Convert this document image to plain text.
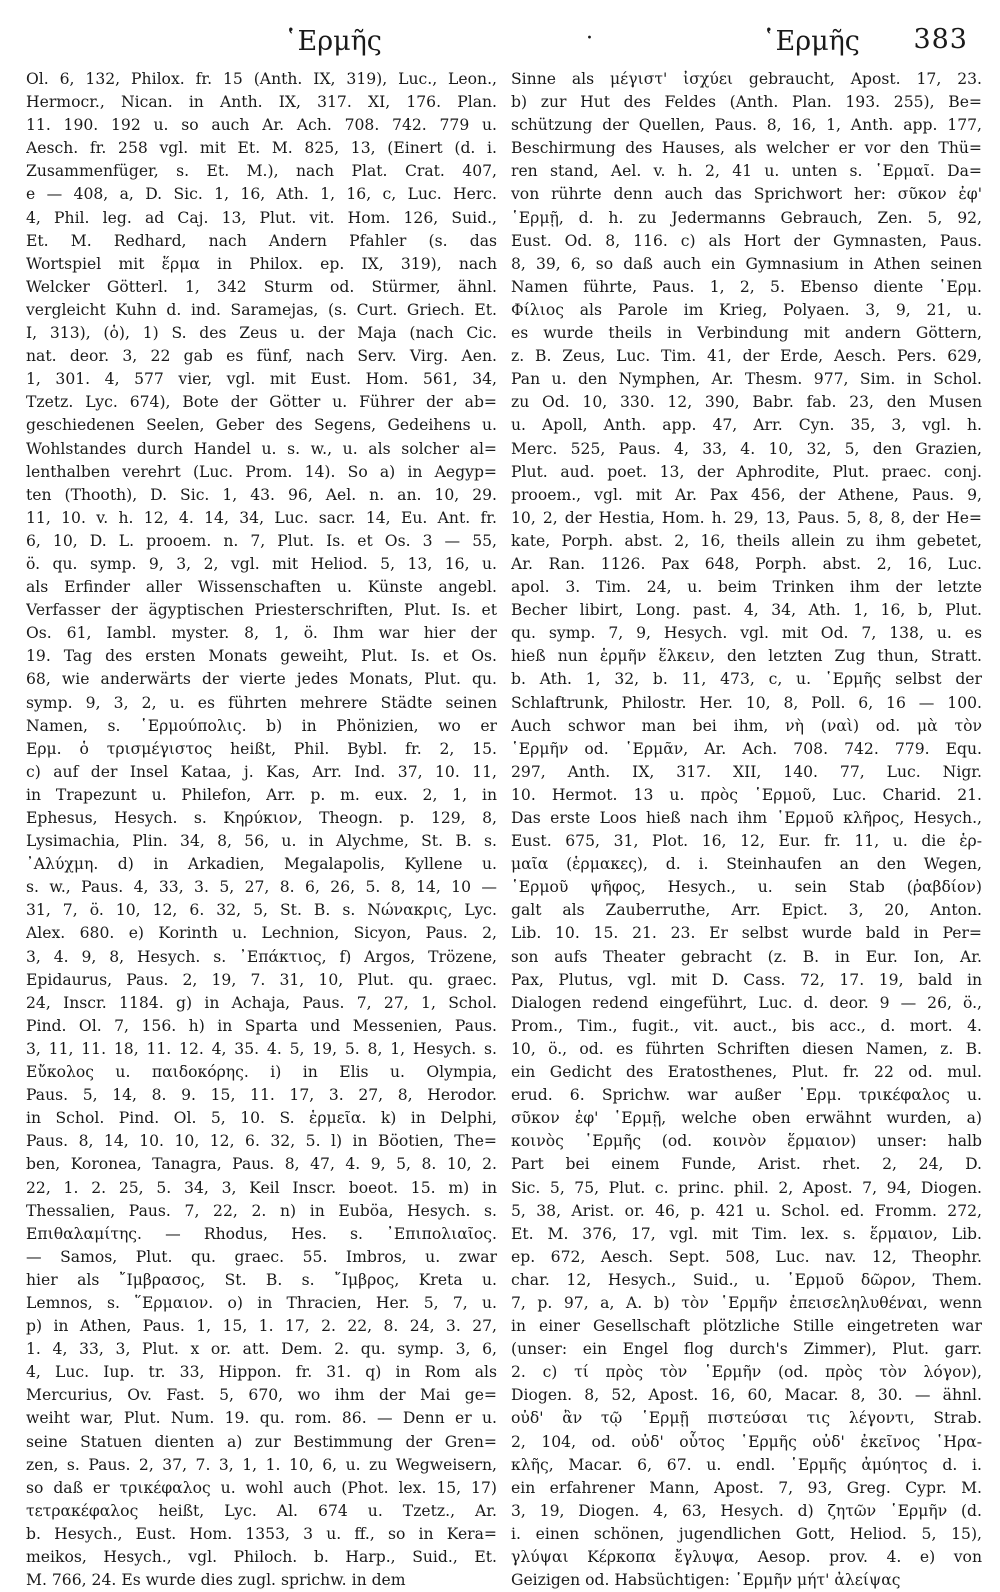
῾Ερμῆς	·	῾Ερμῆς 383
Ol. 6, 132, Philox. fr. 15 (Anth. IX, 319), Luc., Leon.,
Hermocr., Nican. in Anth. IX, 317. XI, 176. Plan.
11. 190. 192 u. so auch Ar. Ach. 708. 742. 779 u.
Aesch. fr. 258 vgl. mit Et. M. 825, 13, (Einert (d. i.
Zusammenfüger, s. Et. M.), nach Plat. Crat. 407,
e — 408, a, D. Sic. 1, 16, Ath. 1, 16, c, Luc. Herc.
4, Phil. leg. ad Caj. 13, Plut. vit. Hom. 126, Suid.,
Et. M. Redhard, nach Andern Pfahler (s. das
Wortspiel mit ἕρμα in Philox. ep. IX, 319), nach
Welcker Götterl. 1, 342 Sturm od. Stürmer, ähnl.
vergleicht Kuhn d. ind. Saramejas, (s. Curt. Griech. Et.
I, 313), (ὁ), 1) S. des Zeus u. der Maja (nach Cic.
nat. deor. 3, 22 gab es fünf, nach Serv. Virg. Aen.
1, 301. 4, 577 vier, vgl. mit Eust. Hom. 561, 34,
Tzetz. Lyc. 674), Bote der Götter u. Führer der ab=
geschiedenen Seelen, Geber des Segens, Gedeihens u.
Wohlstandes durch Handel u. s. w., u. als solcher al=
lenthalben verehrt (Luc. Prom. 14). So a) in Aegyp=
ten (Thooth), D. Sic. 1, 43. 96, Ael. n. an. 10, 29.
11, 10. v. h. 12, 4. 14, 34, Luc. sacr. 14, Eu. Ant. fr.
6, 10, D. L. prooem. n. 7, Plut. Is. et Os. 3 — 55,
ö. qu. symp. 9, 3, 2, vgl. mit Heliod. 5, 13, 16, u.
als Erfinder aller Wissenschaften u. Künste angebl.
Verfasser der ägyptischen Priesterschriften, Plut. Is. et
Os. 61, Iambl. myster. 8, 1, ö. Ihm war hier der
19. Tag des ersten Monats geweiht, Plut. Is. et Os.
68, wie anderwärts der vierte jedes Monats, Plut. qu.
symp. 9, 3, 2, u. es führten mehrere Städte seinen
Namen, s. ῾Ερμούπολις. b) in Phönizien, wo er
Ερμ. ὁ τρισμέγιστος heißt, Phil. Bybl. fr. 2, 15.
c) auf der Insel Kataa, j. Kas, Arr. Ind. 37, 10. 11,
in Trapezunt u. Philefon, Arr. p. m. eux. 2, 1, in
Ephesus, Hesych. s. Κηρύκιον, Theogn. p. 129, 8,
Lysimachia, Plin. 34, 8, 56, u. in Alychme, St. B. s.
᾿Αλύχμη. d) in Arkadien, Megalapolis, Kyllene u.
s. w., Paus. 4, 33, 3. 5, 27, 8. 6, 26, 5. 8, 14, 10 —
31, 7, ö. 10, 12, 6. 32, 5, St. B. s. Νώνακρις, Lyc.
Alex. 680. e) Korinth u. Lechnion, Sicyon, Paus. 2,
3, 4. 9, 8, Hesych. s. ᾿Επάκτιος, f) Argos, Trözene,
Epidaurus, Paus. 2, 19, 7. 31, 10, Plut. qu. graec.
24, Inscr. 1184. g) in Achaja, Paus. 7, 27, 1, Schol.
Pind. Ol. 7, 156. h) in Sparta und Messenien, Paus.
3, 11, 11. 18, 11. 12. 4, 35. 4. 5, 19, 5. 8, 1, Hesych. s.
Εὔκολος u. παιδοκόρης. i) in Elis u. Olympia,
Paus. 5, 14, 8. 9. 15, 11. 17, 3. 27, 8, Herodor.
in Schol. Pind. Ol. 5, 10. S. ἑρμεῖα. k) in Delphi,
Paus. 8, 14, 10. 10, 12, 6. 32, 5. l) in Böotien, The=
ben, Koronea, Tanagra, Paus. 8, 47, 4. 9, 5, 8. 10, 2.
22, 1. 2. 25, 5. 34, 3, Keil Inscr. boeot. 15. m) in
Thessalien, Paus. 7, 22, 2. n) in Euböa, Hesych. s.
Επιθαλαμίτης. — Rhodus, Hes. s. ᾿Επιπολιαῖος.
— Samos, Plut. qu. graec. 55. Imbros, u. zwar
hier als ῎Ιμβρασος, St. B. s. ῎Ιμβρος, Kreta u.
Lemnos, s. ῞Ερμαιον. o) in Thracien, Her. 5, 7, u.
p) in Athen, Paus. 1, 15, 1. 17, 2. 22, 8. 24, 3. 27,
1. 4, 33, 3, Plut. x or. att. Dem. 2. qu. symp. 3, 6,
4, Luc. Iup. tr. 33, Hippon. fr. 31. q) in Rom als
Mercurius, Ov. Fast. 5, 670, wo ihm der Mai ge=
weiht war, Plut. Num. 19. qu. rom. 86. — Denn er u.
seine Statuen dienten a) zur Bestimmung der Gren=
zen, s. Paus. 2, 37, 7. 3, 1, 1. 10, 6, u. zu Wegweisern,
so daß er τρικέφαλος u. wohl auch (Phot. lex. 15, 17)
τετρακέφαλος heißt, Lyc. Al. 674 u. Tzetz., Ar.
b. Hesych., Eust. Hom. 1353, 3 u. ff., so in Kera=
meikos, Hesych., vgl. Philoch. b. Harp., Suid., Et.
M. 766, 24. Es wurde dies zugl. sprichw. in dem
Sinne als μέγιστ' ἰσχύει gebraucht, Apost. 17, 23.
b) zur Hut des Feldes (Anth. Plan. 193. 255), Be=
schützung der Quellen, Paus. 8, 16, 1, Anth. app. 177,
Beschirmung des Hauses, als welcher er vor den Thü=
ren stand, Ael. v. h. 2, 41 u. unten s. ῾Ερμαῖ. Da=
von rührte denn auch das Sprichwort her: σῦκον ἐφ'
῾Ερμῇ, d. h. zu Jedermanns Gebrauch, Zen. 5, 92,
Eust. Od. 8, 116. c) als Hort der Gymnasten, Paus.
8, 39, 6, so daß auch ein Gymnasium in Athen seinen
Namen führte, Paus. 1, 2, 5. Ebenso diente ῾Ερμ.
Φίλιος als Parole im Krieg, Polyaen. 3, 9, 21, u.
es wurde theils in Verbindung mit andern Göttern,
z. B. Zeus, Luc. Tim. 41, der Erde, Aesch. Pers. 629,
Pan u. den Nymphen, Ar. Thesm. 977, Sim. in Schol.
zu Od. 10, 330. 12, 390, Babr. fab. 23, den Musen
u. Apoll, Anth. app. 47, Arr. Cyn. 35, 3, vgl. h.
Merc. 525, Paus. 4, 33, 4. 10, 32, 5, den Grazien,
Plut. aud. poet. 13, der Aphrodite, Plut. praec. conj.
prooem., vgl. mit Ar. Pax 456, der Athene, Paus. 9,
10, 2, der Hestia, Hom. h. 29, 13, Paus. 5, 8, 8, der He=
kate, Porph. abst. 2, 16, theils allein zu ihm gebetet,
Ar. Ran. 1126. Pax 648, Porph. abst. 2, 16, Luc.
apol. 3. Tim. 24, u. beim Trinken ihm der letzte
Becher libirt, Long. past. 4, 34, Ath. 1, 16, b, Plut.
qu. symp. 7, 9, Hesych. vgl. mit Od. 7, 138, u. es
hieß nun ἑρμῆν ἕλκειν, den letzten Zug thun, Stratt.
b. Ath. 1, 32, b. 11, 473, c, u. ῾Ερμῆς selbst der
Schlaftrunk, Philostr. Her. 10, 8, Poll. 6, 16 — 100.
Auch schwor man bei ihm, νὴ (ναὶ) od. μὰ τὸν
῾Ερμῆν od. ῾Ερμᾶν, Ar. Ach. 708. 742. 779. Equ.
297, Anth. IX, 317. XII, 140. 77, Luc. Nigr.
10. Hermot. 13 u. πρὸς ῾Ερμοῦ, Luc. Charid. 21.
Das erste Loos hieß nach ihm ῾Ερμοῦ κλῆρος, Hesych.,
Eust. 675, 31, Plot. 16, 12, Eur. fr. 11, u. die ἑρ-
μαῖα (ἑρμακες), d. i. Steinhaufen an den Wegen,
῾Ερμοῦ ψῆφος, Hesych., u. sein Stab (ῥαβδίον)
galt als Zauberruthe, Arr. Epict. 3, 20, Anton.
Lib. 10. 15. 21. 23. Er selbst wurde bald in Per=
son aufs Theater gebracht (z. B. in Eur. Ion, Ar.
Pax, Plutus, vgl. mit D. Cass. 72, 17. 19, bald in
Dialogen redend eingeführt, Luc. d. deor. 9 — 26, ö.,
Prom., Tim., fugit., vit. auct., bis acc., d. mort. 4.
10, ö., od. es führten Schriften diesen Namen, z. B.
ein Gedicht des Eratosthenes, Plut. fr. 22 od. mul.
erud. 6. Sprichw. war außer ῾Ερμ. τρικέφαλος u.
σῦκον ἐφ' ῾Ερμῇ, welche oben erwähnt wurden, a)
κοινὸς ῾Ερμῆς (od. κοινὸν ἕρμαιον) unser: halb
Part bei einem Funde, Arist. rhet. 2, 24, D.
Sic. 5, 75, Plut. c. princ. phil. 2, Apost. 7, 94, Diogen.
5, 38, Arist. or. 46, p. 421 u. Schol. ed. Fromm. 272,
Et. M. 376, 17, vgl. mit Tim. lex. s. ἕρμαιον, Lib.
ep. 672, Aesch. Sept. 508, Luc. nav. 12, Theophr.
char. 12, Hesych., Suid., u. ῾Ερμοῦ δῶρον, Them.
7, p. 97, a, A. b) τὸν ῾Ερμῆν ἐπεισεληλυθέναι, wenn
in einer Gesellschaft plötzliche Stille eingetreten war
(unser: ein Engel flog durch's Zimmer), Plut. garr.
2. c) τί πρὸς τὸν ῾Ερμῆν (od. πρὸς τὸν λόγον),
Diogen. 8, 52, Apost. 16, 60, Macar. 8, 30. — ähnl.
οὐδ' ἂν τῷ ῾Ερμῇ πιστεύσαι τις λέγοντι, Strab.
2, 104, od. οὐδ' οὗτος ῾Ερμῆς οὐδ' ἐκεῖνος ῾Ηρα-
κλῆς, Macar. 6, 67. u. endl. ῾Ερμῆς ἀμύητος d. i.
ein erfahrener Mann, Apost. 7, 93, Greg. Cypr. M.
3, 19, Diogen. 4, 63, Hesych. d) ζητῶν ῾Ερμῆν (d.
i. einen schönen, jugendlichen Gott, Heliod. 5, 15),
γλύψαι Κέρκοπα ἔγλυψα, Aesop. prov. 4. e) von
Geizigen od. Habsüchtigen: ῾Ερμῆν μήτ' ἀλείψας
